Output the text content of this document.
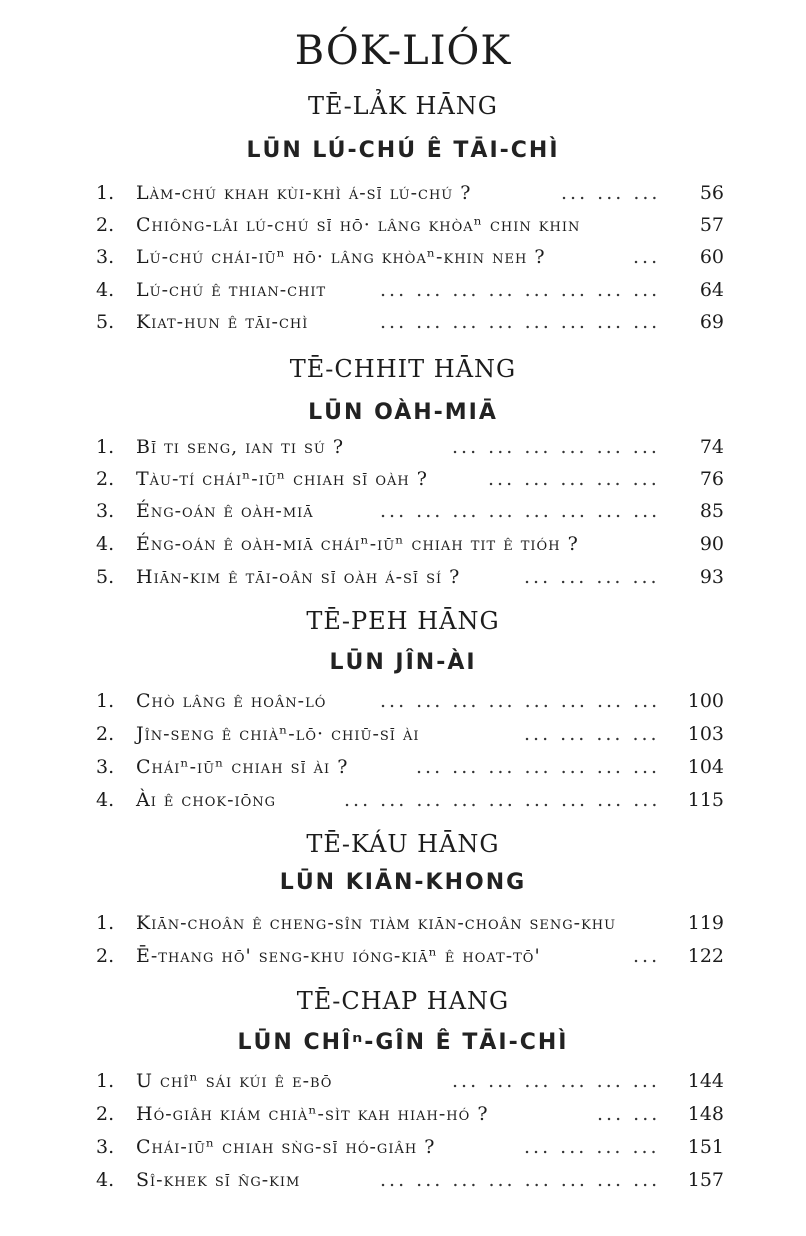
BÓK-LIÓK
TĒ-LẢK HĀNG
LŪN LÚ-CHÚ Ê TĀI-CHÌ
1.	Làm-chú khah kùi-khì á-sī lú-chú ?	56
... ... ...
2.	Chiông-lâi lú-chú sī hō· lâng khòaⁿ chin khin	57
3.	Lú-chú chái-iūⁿ hō· lâng khòaⁿ-khin neh ?	60
...
4.	Lú-chú ê thian-chit	64
... ... ... ... ... ... ... ...
5.	Kiat-hun ê tāi-chì	69
... ... ... ... ... ... ... ...
TĒ-CHHIT HĀNG
LŪN OÀH-MIĀ
1.	Bī ti seng, ian ti sú ?	74
... ... ... ... ... ...
2.	Tàu-tí cháiⁿ-iūⁿ chiah sī oàh ?	76
... ... ... ... ...
3.	Éng-oán ê oàh-miā	85
... ... ... ... ... ... ... ...
4.	Éng-oán ê oàh-miā cháiⁿ-iūⁿ chiah tit ê tióh ?	90
5.	Hiān-kim ê tāi-oân sī oàh á-sī sí ?	93
... ... ... ...
TĒ-PEH HĀNG
LŪN JÎN-ÀI
1.	Chò lâng ê hoân-ló	100
... ... ... ... ... ... ... ...
2.	Jîn-seng ê chiàⁿ-lō· chiū-sī ài	103
... ... ... ...
3.	Cháiⁿ-iūⁿ chiah sī ài ?	104
... ... ... ... ... ... ...
4.	Ài ê chok-iōng	115
... ... ... ... ... ... ... ... ...
TĒ-KÁU HĀNG
LŪN KIĀN-KHONG
1.	Kiān-choân ê cheng-sîn tiàm kiān-choân seng-khu	119
2.	Ē-thang hō' seng-khu ióng-kiāⁿ ê hoat-tō'	122
...
TĒ-CHAP HANG
LŪN CHÎⁿ-GÎN Ê TĀI-CHÌ
1.	U chîⁿ sái kúi ê e-bō	144
... ... ... ... ... ...
2.	Hó-giâh kiám chiàⁿ-sìt kah hiah-hó ?	148
... ...
3.	Chái-iūⁿ chiah sǹg-sī hó-giâh ?	151
... ... ... ...
4.	Sî-khek sī n̂g-kim	157
... ... ... ... ... ... ... ...
